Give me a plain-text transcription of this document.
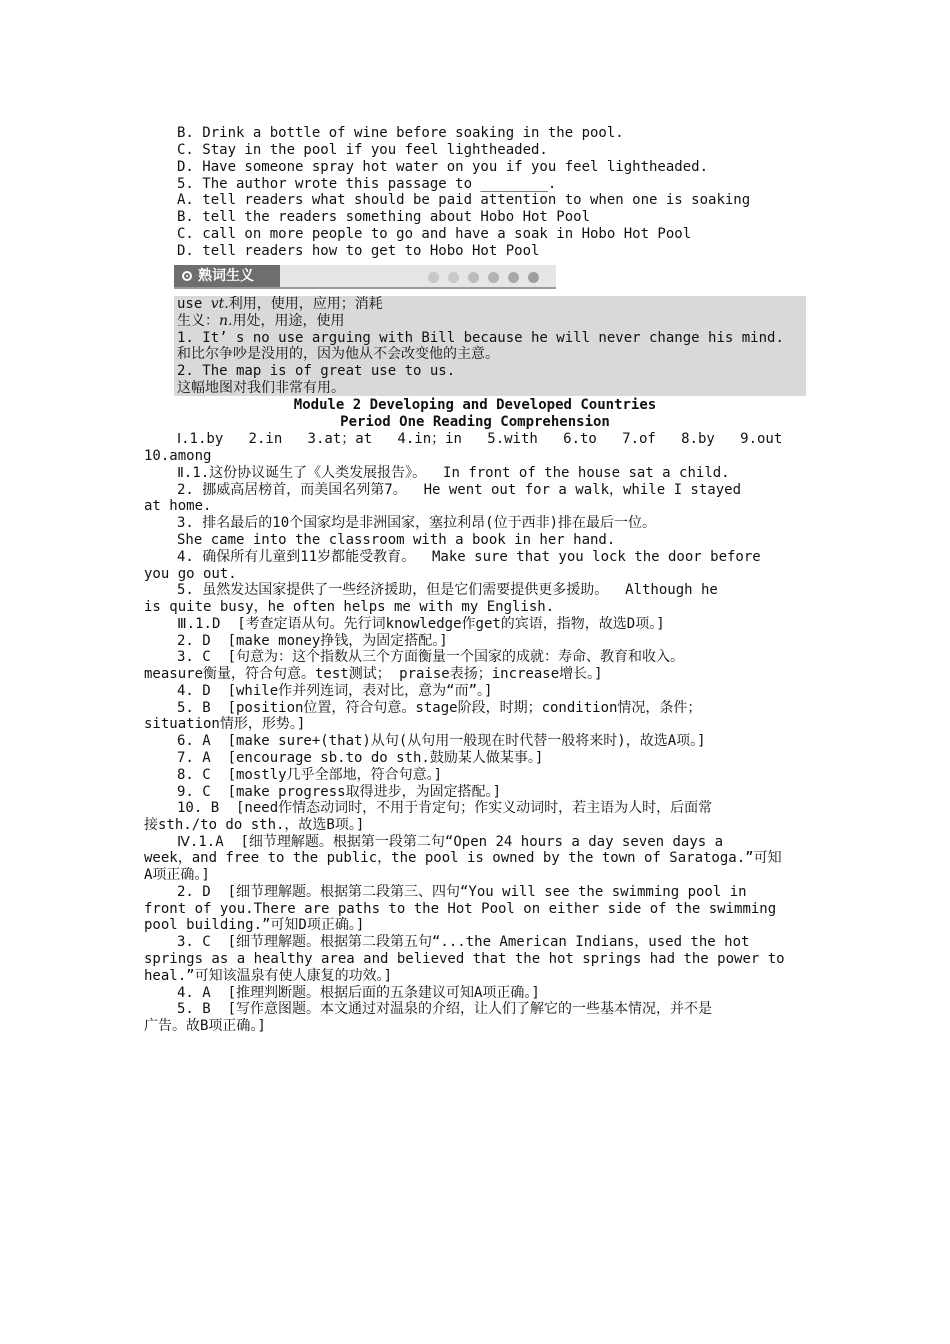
B. Drink a bottle of wine before soaking in the pool.
C. Stay in the pool if you feel lightheaded.
D. Have someone spray hot water on you if you feel lightheaded.
5. The author wrote this passage to ________.
A. tell readers what should be paid attention to when one is soaking
B. tell the readers something about Hobo Hot Pool
C. call on more people to go and have a soak in Hobo Hot Pool
D. tell readers how to get to Hobo Hot Pool
熟词生义
use vt.利用，使用，应用；消耗
生义：n.用处，用途，使用
1. It’ s no use arguing with Bill because he will never change his mind.
和比尔争吵是没用的，因为他从不会改变他的主意。
2. The map is of great use to us.
这幅地图对我们非常有用。
Module 2 Developing and Developed Countries
Period One Reading Comprehension
Ⅰ.1.by   2.in   3.at；at   4.in；in   5.with   6.to   7.of   8.by   9.out
10.among
Ⅱ.1.这份协议诞生了《人类发展报告》。  In front of the house sat a child.
2. 挪威高居榜首，而美国名列第7。  He went out for a walk，while I stayed
at home.
3. 排名最后的10个国家均是非洲国家，塞拉利昂(位于西非)排在最后一位。
She came into the classroom with a book in her hand.
4. 确保所有儿童到11岁都能受教育。  Make sure that you lock the door before
you go out.
5. 虽然发达国家提供了一些经济援助，但是它们需要提供更多援助。  Although he
is quite busy，he often helps me with my English.
Ⅲ.1.D  [考查定语从句。先行词knowledge作get的宾语，指物，故选D项。]
2. D  [make money挣钱，为固定搭配。]
3. C  [句意为：这个指数从三个方面衡量一个国家的成就：寿命、教育和收入。
measure衡量，符合句意。test测试； praise表扬；increase增长。]
4. D  [while作并列连词，表对比，意为“而”。]
5. B  [position位置，符合句意。stage阶段，时期；condition情况，条件；
situation情形，形势。]
6. A  [make sure+(that)从句(从句用一般现在时代替一般将来时)，故选A项。]
7. A  [encourage sb.to do sth.鼓励某人做某事。]
8. C  [mostly几乎全部地，符合句意。]
9. C  [make progress取得进步，为固定搭配。]
10. B  [need作情态动词时，不用于肯定句；作实义动词时，若主语为人时，后面常
接sth./to do sth.，故选B项。]
Ⅳ.1.A  [细节理解题。根据第一段第二句“Open 24 hours a day seven days a
week，and free to the public，the pool is owned by the town of Saratoga.”可知
A项正确。]
2. D  [细节理解题。根据第二段第三、四句“You will see the swimming pool in
front of you.There are paths to the Hot Pool on either side of the swimming
pool building.”可知D项正确。]
3. C  [细节理解题。根据第二段第五句“...the American Indians，used the hot
springs as a healthy area and believed that the hot springs had the power to
heal.”可知该温泉有使人康复的功效。]
4. A  [推理判断题。根据后面的五条建议可知A项正确。]
5. B  [写作意图题。本文通过对温泉的介绍，让人们了解它的一些基本情况，并不是
广告。故B项正确。]
